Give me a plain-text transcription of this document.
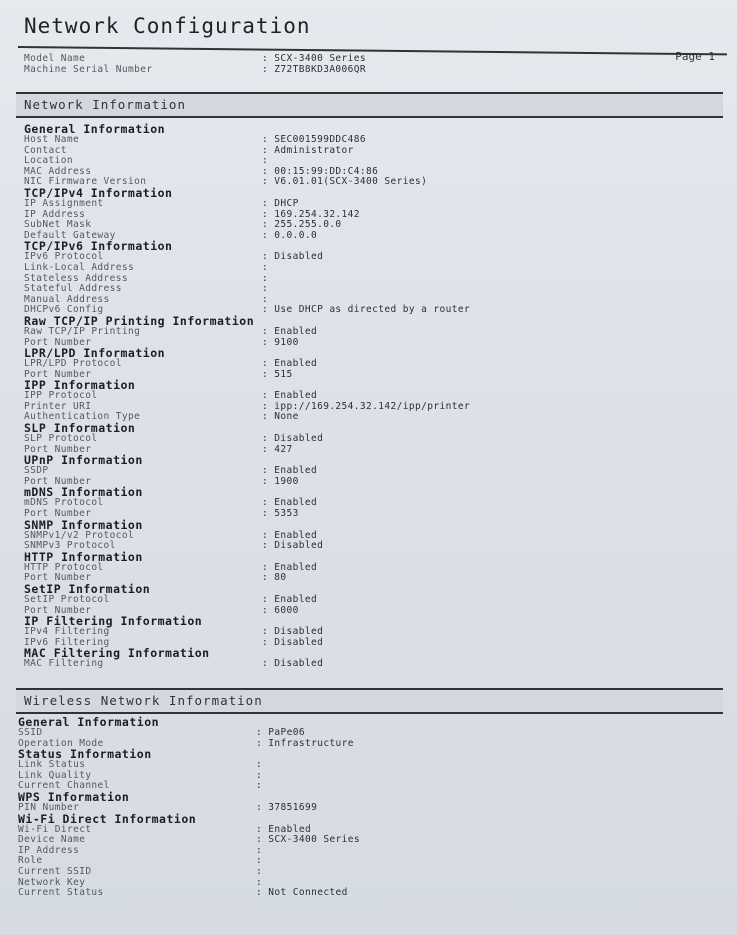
Network Configuration
Page 1
Model Name	: SCX-3400 Series
Machine Serial Number	: Z72TB8KD3A006QR
Network Information
General Information
Host Name	: SEC001599DDC486
Contact	: Administrator
Location	:
MAC Address	: 00:15:99:DD:C4:86
NIC Firmware Version	: V6.01.01(SCX-3400 Series)
TCP/IPv4 Information
IP Assignment	: DHCP
IP Address	: 169.254.32.142
SubNet Mask	: 255.255.0.0
Default Gateway	: 0.0.0.0
TCP/IPv6 Information
IPv6 Protocol	: Disabled
Link-Local Address	:
Stateless Address	:
Stateful Address	:
Manual Address	:
DHCPv6 Config	: Use DHCP as directed by a router
Raw TCP/IP Printing Information
Raw TCP/IP Printing	: Enabled
Port Number	: 9100
LPR/LPD Information
LPR/LPD Protocol	: Enabled
Port Number	: 515
IPP Information
IPP Protocol	: Enabled
Printer URI	: ipp://169.254.32.142/ipp/printer
Authentication Type	: None
SLP Information
SLP Protocol	: Disabled
Port Number	: 427
UPnP Information
SSDP	: Enabled
Port Number	: 1900
mDNS Information
mDNS Protocol	: Enabled
Port Number	: 5353
SNMP Information
SNMPv1/v2 Protocol	: Enabled
SNMPv3 Protocol	: Disabled
HTTP Information
HTTP Protocol	: Enabled
Port Number	: 80
SetIP Information
SetIP Protocol	: Enabled
Port Number	: 6000
IP Filtering Information
IPv4 Filtering	: Disabled
IPv6 Filtering	: Disabled
MAC Filtering Information
MAC Filtering	: Disabled
Wireless Network Information
General Information
SSID	: PaPe06
Operation Mode	: Infrastructure
Status Information
Link Status	:
Link Quality	:
Current Channel	:
WPS Information
PIN Number	: 37851699
Wi-Fi Direct Information
Wi-Fi Direct	: Enabled
Device Name	: SCX-3400 Series
IP Address	:
Role	:
Current SSID	:
Network Key	:
Current Status	: Not Connected
